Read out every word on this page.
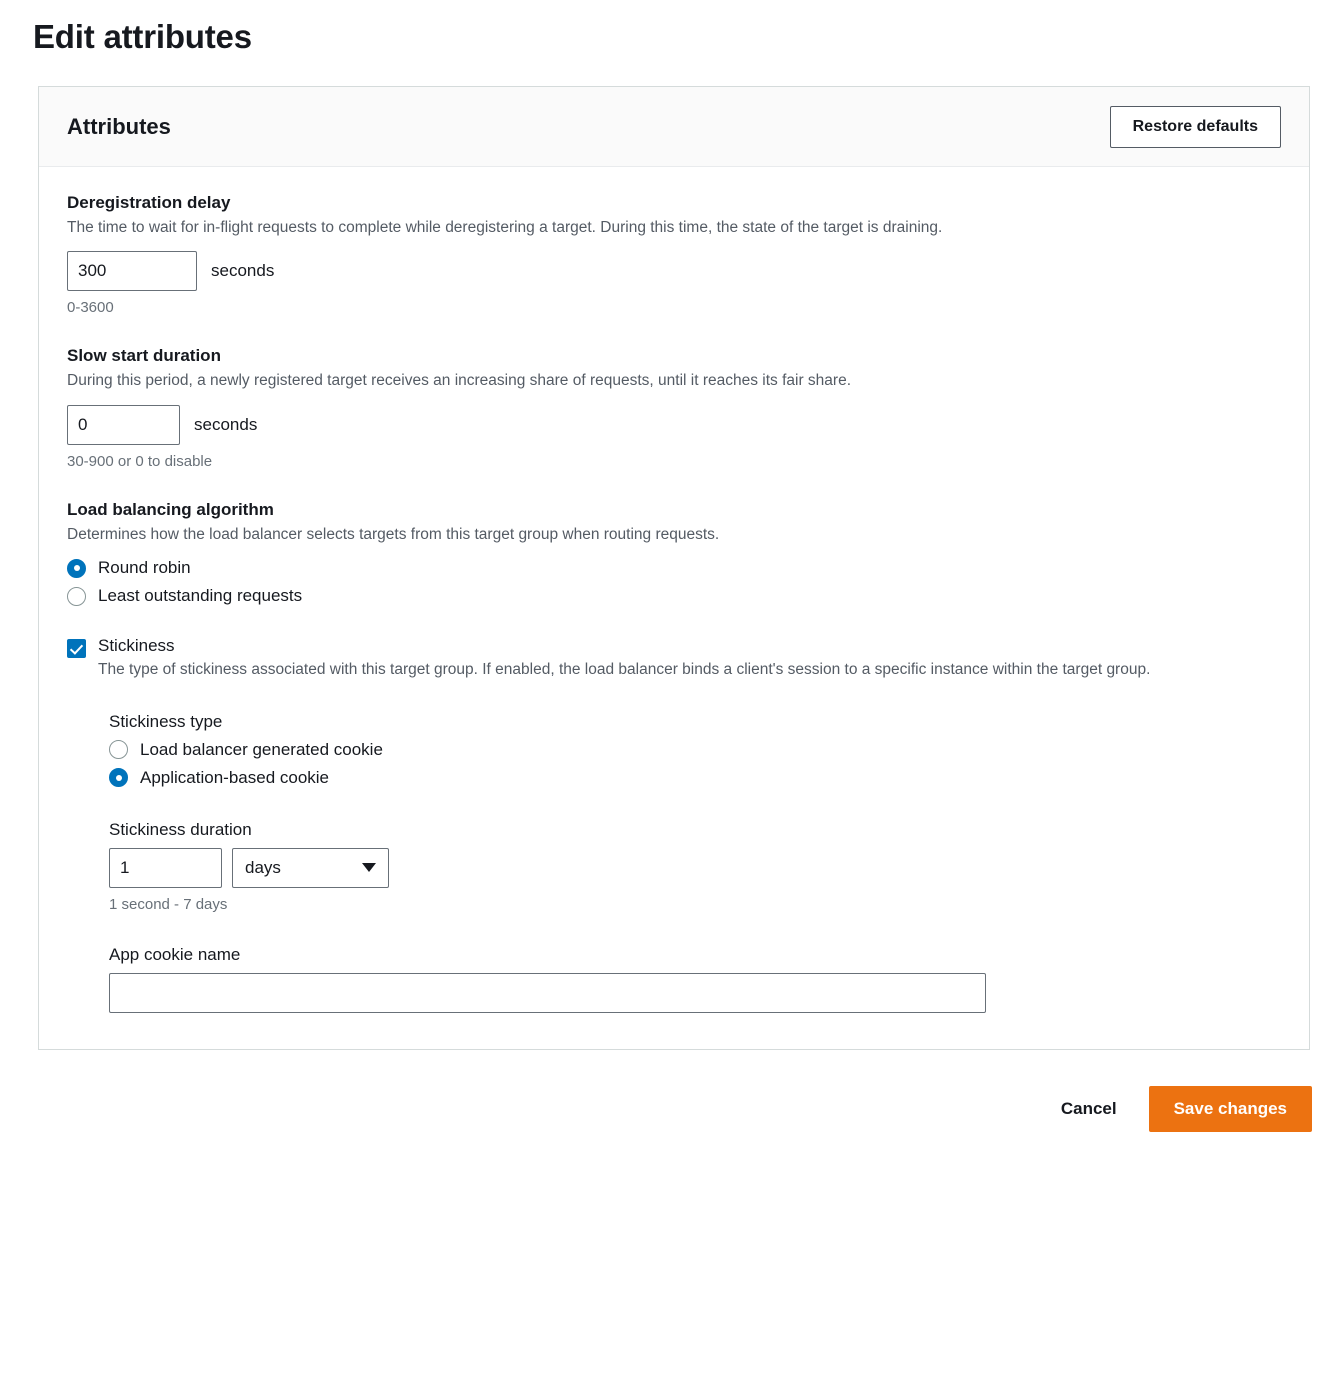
Edit attributes
Attributes	Restore defaults
Deregistration delay
The time to wait for in-flight requests to complete while deregistering a target. During this time, the state of the target is draining.
300
seconds
0-3600
Slow start duration
During this period, a newly registered target receives an increasing share of requests, until it reaches its fair share.
0
seconds
30-900 or 0 to disable
Load balancing algorithm
Determines how the load balancer selects targets from this target group when routing requests.
Round robin
Least outstanding requests
Stickiness
The type of stickiness associated with this target group. If enabled, the load balancer binds a client's session to a specific instance within the target group.
Stickiness type
Load balancer generated cookie
Application-based cookie
Stickiness duration
1
days
1 second - 7 days
App cookie name
Cancel	Save changes
